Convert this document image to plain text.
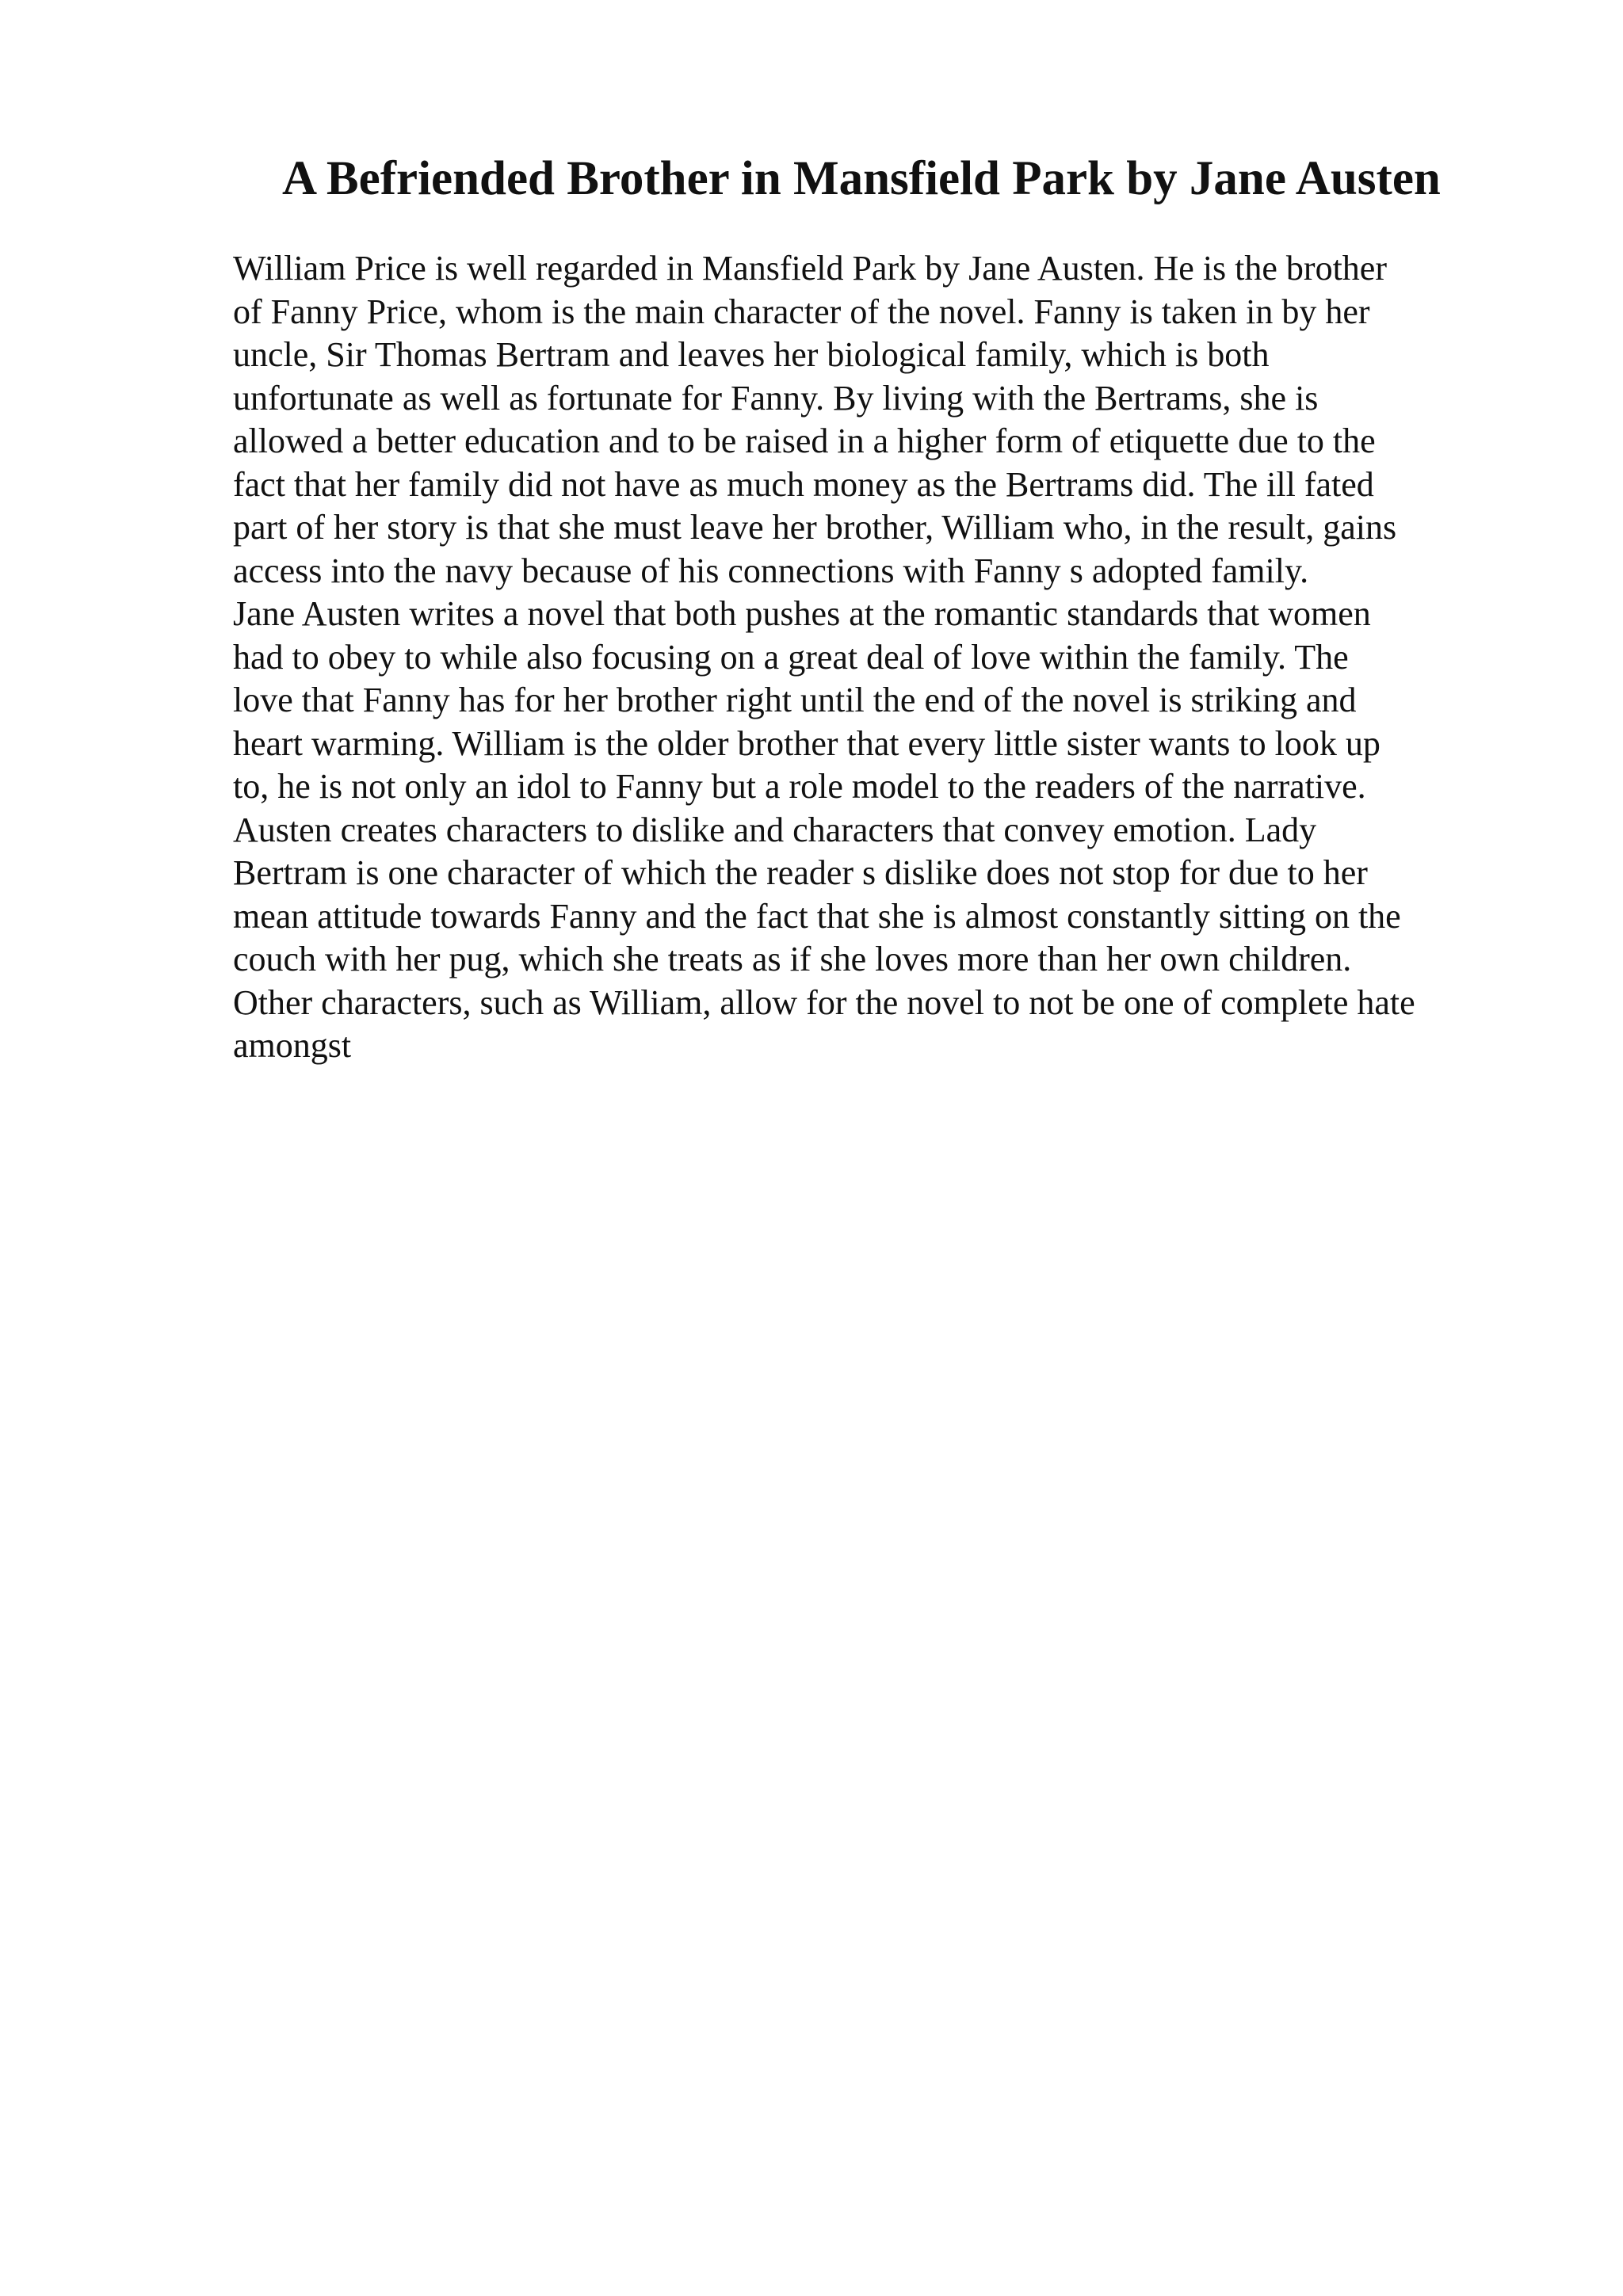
A Befriended Brother in Mansfield Park by Jane Austen
William Price is well regarded in Mansfield Park by Jane Austen. He is the brother
of Fanny Price, whom is the main character of the novel. Fanny is taken in by her
uncle, Sir Thomas Bertram and leaves her biological family, which is both
unfortunate as well as fortunate for Fanny. By living with the Bertrams, she is
allowed a better education and to be raised in a higher form of etiquette due to the
fact that her family did not have as much money as the Bertrams did. The ill fated
part of her story is that she must leave her brother, William who, in the result, gains
access into the navy because of his connections with Fanny s adopted family.
Jane Austen writes a novel that both pushes at the romantic standards that women
had to obey to while also focusing on a great deal of love within the family. The
love that Fanny has for her brother right until the end of the novel is striking and
heart warming. William is the older brother that every little sister wants to look up
to, he is not only an idol to Fanny but a role model to the readers of the narrative.
Austen creates characters to dislike and characters that convey emotion. Lady
Bertram is one character of which the reader s dislike does not stop for due to her
mean attitude towards Fanny and the fact that she is almost constantly sitting on the
couch with her pug, which she treats as if she loves more than her own children.
Other characters, such as William, allow for the novel to not be one of complete hate
amongst
